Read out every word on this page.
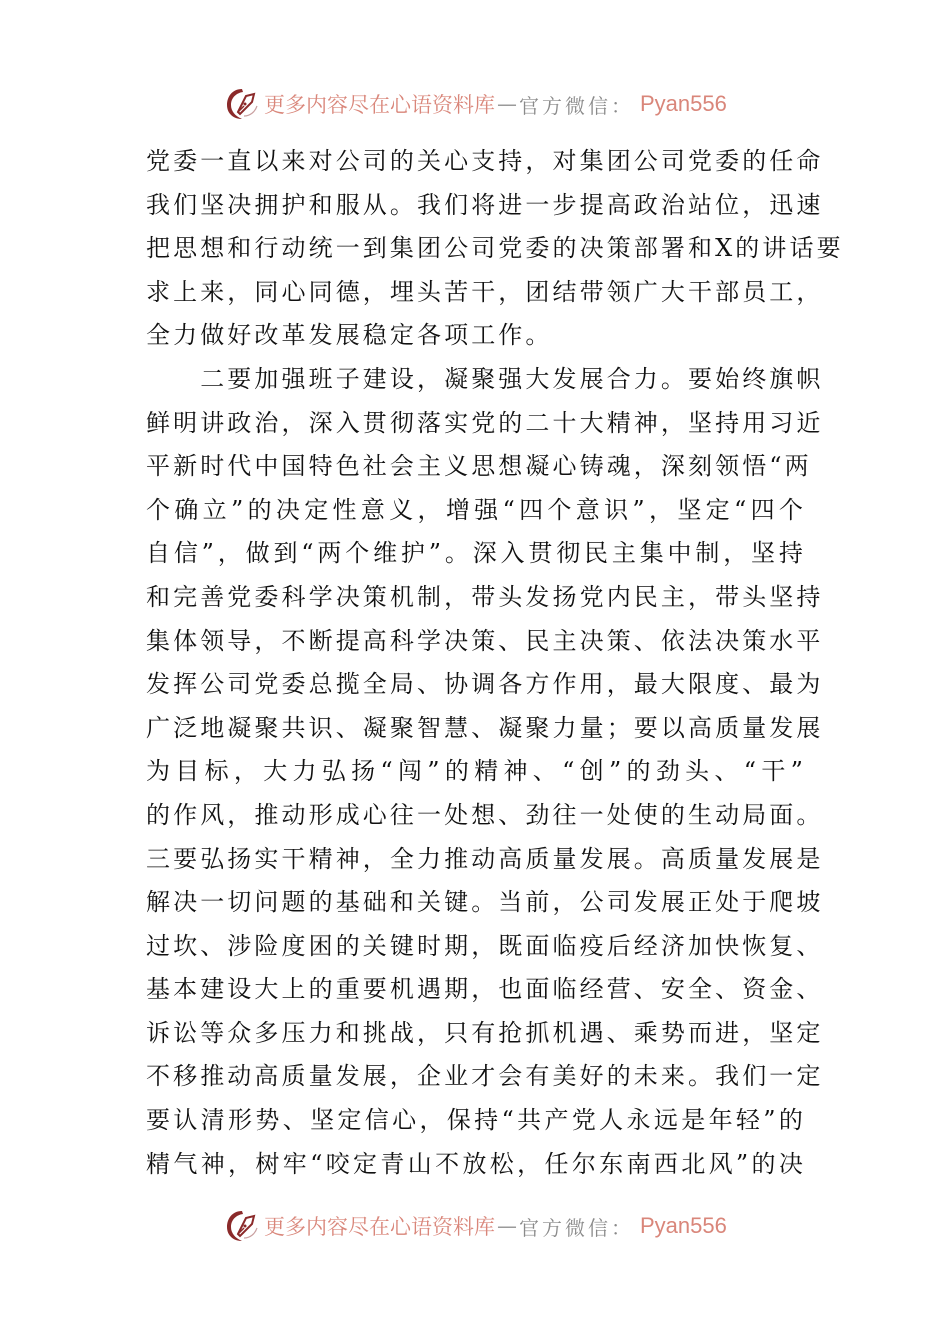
更多内容尽在心语资料库 — 官方微信： Pyan556
党委一直以来对公司的关心支持，对集团公司党委的任命
我们坚决拥护和服从。我们将进一步提高政治站位，迅速
把思想和行动统一到集团公司党委的决策部署和X的讲话要
求上来，同心同德，埋头苦干，团结带领广大干部员工，
全力做好改革发展稳定各项工作。
　　二要加强班子建设，凝聚强大发展合力。要始终旗帜
鲜明讲政治，深入贯彻落实党的二十大精神，坚持用习近
平新时代中国特色社会主义思想凝心铸魂，深刻领悟“两
个确立”的决定性意义，增强“四个意识”，坚定“四个
自信”，做到“两个维护”。深入贯彻民主集中制，坚持
和完善党委科学决策机制，带头发扬党内民主，带头坚持
集体领导，不断提高科学决策、民主决策、依法决策水平
发挥公司党委总揽全局、协调各方作用，最大限度、最为
广泛地凝聚共识、凝聚智慧、凝聚力量；要以高质量发展
为目标，大力弘扬“闯”的精神、“创”的劲头、“干”
的作风，推动形成心往一处想、劲往一处使的生动局面。
三要弘扬实干精神，全力推动高质量发展。高质量发展是
解决一切问题的基础和关键。当前，公司发展正处于爬坡
过坎、涉险度困的关键时期，既面临疫后经济加快恢复、
基本建设大上的重要机遇期，也面临经营、安全、资金、
诉讼等众多压力和挑战，只有抢抓机遇、乘势而进，坚定
不移推动高质量发展，企业才会有美好的未来。我们一定
要认清形势、坚定信心，保持“共产党人永远是年轻”的
精气神，树牢“咬定青山不放松，任尔东南西北风”的决
更多内容尽在心语资料库 — 官方微信： Pyan556
